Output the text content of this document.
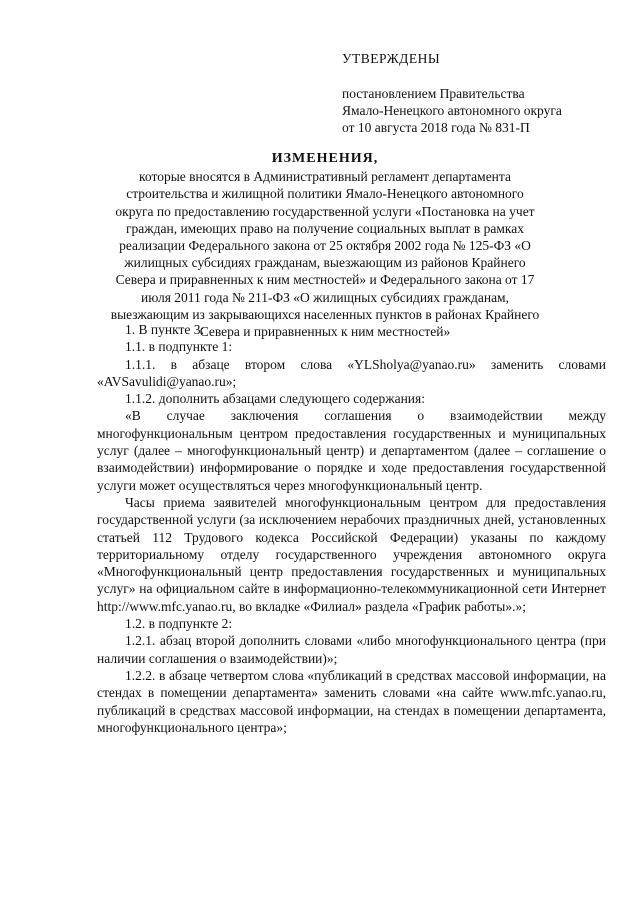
УТВЕРЖДЕНЫ
постановлением Правительства
Ямало-Ненецкого автономного округа
от 10 августа 2018 года № 831-П
ИЗМЕНЕНИЯ,
которые вносятся в Административный регламент департамента строительства и жилищной политики Ямало-Ненецкого автономного округа по предоставлению государственной услуги «Постановка на учет граждан, имеющих право на получение социальных выплат в рамках реализации Федерального закона от 25 октября 2002 года № 125-ФЗ «О жилищных субсидиях гражданам, выезжающим из районов Крайнего Севера и приравненных к ним местностей» и Федерального закона от 17 июля 2011 года № 211-ФЗ «О жилищных субсидиях гражданам, выезжающим из закрывающихся населенных пунктов в районах Крайнего Севера и приравненных к ним местностей»

1. В пункте 3:

1.1. в подпункте 1:

1.1.1. в абзаце втором слова «YLSholya@yanao.ru» заменить словами «AVSavulidi@yanao.ru»;

1.1.2. дополнить абзацами следующего содержания:

«В случае заключения соглашения о взаимодействии между многофункциональным центром предоставления государственных и муниципальных услуг (далее – многофункциональный центр) и департаментом (далее – соглашение о взаимодействии) информирование о порядке и ходе предоставления государственной услуги может осуществляться через многофункциональный центр.

Часы приема заявителей многофункциональным центром для предоставления государственной услуги (за исключением нерабочих праздничных дней, установленных статьей 112 Трудового кодекса Российской Федерации) указаны по каждому территориальному отделу государственного учреждения автономного округа «Многофункциональный центр предоставления государственных и муниципальных услуг» на официальном сайте в информационно-телекоммуникационной сети Интернет http://www.mfc.yanao.ru, во вкладке «Филиал» раздела «График работы».»;

1.2. в подпункте 2:

1.2.1. абзац второй дополнить словами «либо многофункционального центра (при наличии соглашения о взаимодействии)»;

1.2.2. в абзаце четвертом слова «публикаций в средствах массовой информации, на стендах в помещении департамента» заменить словами «на сайте www.mfc.yanao.ru, публикаций в средствах массовой информации, на стендах в помещении департамента, многофункционального центра»;
